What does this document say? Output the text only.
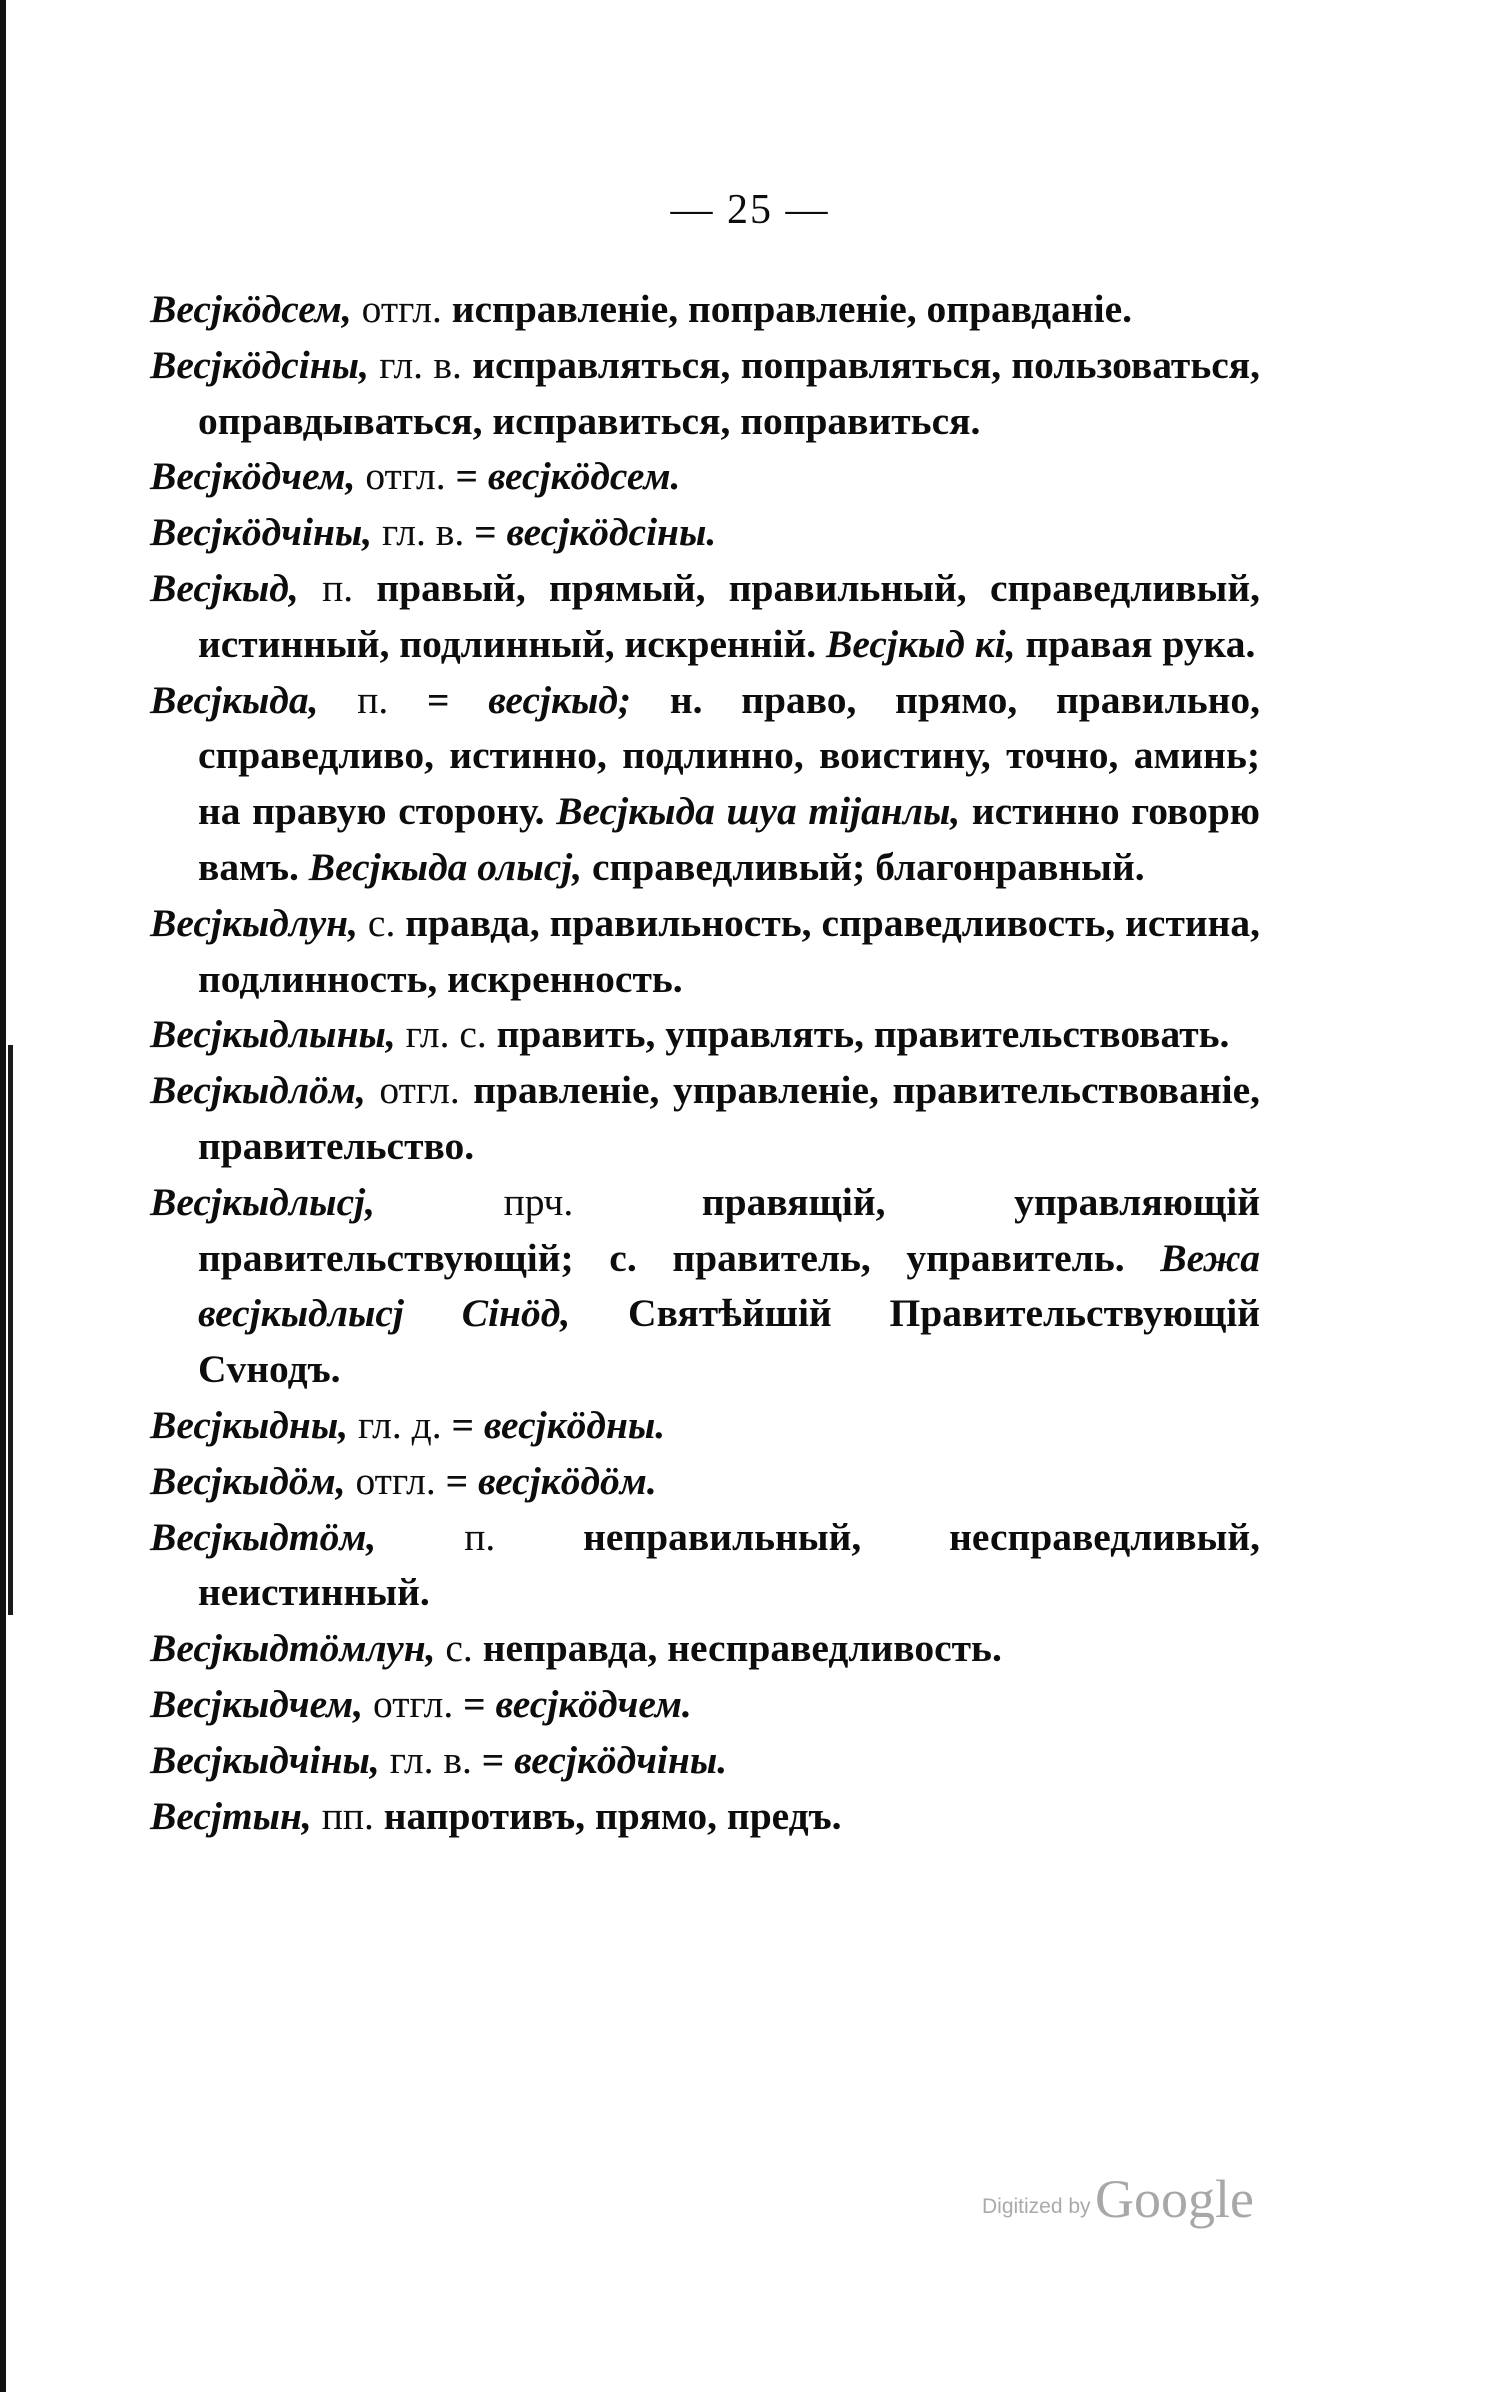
— 25 —

Весјкöдсем, отгл. исправленіе, поправленіе, оправданіе.

Весјкöдсіны, гл. в. исправляться, поправляться, пользоваться, оправдываться, исправиться, поправиться.

Весјкöдчем, отгл. = весјкöдсем.

Весјкöдчіны, гл. в. = весјкöдсіны.

Весјкыд, п. правый, прямый, правильный, справедливый, истинный, подлинный, искренній. Весјкыд кі, правая рука.

Весјкыда, п. = весјкыд; н. право, прямо, правильно, справедливо, истинно, подлинно, воистину, точно, аминь; на правую сторону. Весјкыда шуа тіjанлы, истинно говорю вамъ. Весјкыда олысј, справедливый; благонравный.

Весјкыдлун, с. правда, правильность, справедливость, истина, подлинность, искренность.

Весјкыдлыны, гл. с. править, управлять, правительствовать.

Весјкыдлöм, отгл. правленіе, управленіе, правительствованіе, правительство.

Весјкыдлысј, прч. правящій, управляющій правительствующій; с. правитель, управитель. Вежа весјкыдлысј Сінöд, Святѣйшій Правительствующій Сvнодъ.

Весјкыдны, гл. д. = весјкöдны.

Весјкыдöм, отгл. = весјкöдöм.

Весјкыдтöм, п. неправильный, несправедливый, неистинный.

Весјкыдтöмлун, с. неправда, несправедливость.

Весјкыдчем, отгл. = весјкöдчем.

Весјкыдчіны, гл. в. = весјкöдчіны.

Весјтын, пп. напротивъ, прямо, предъ.

Digitized by Google
